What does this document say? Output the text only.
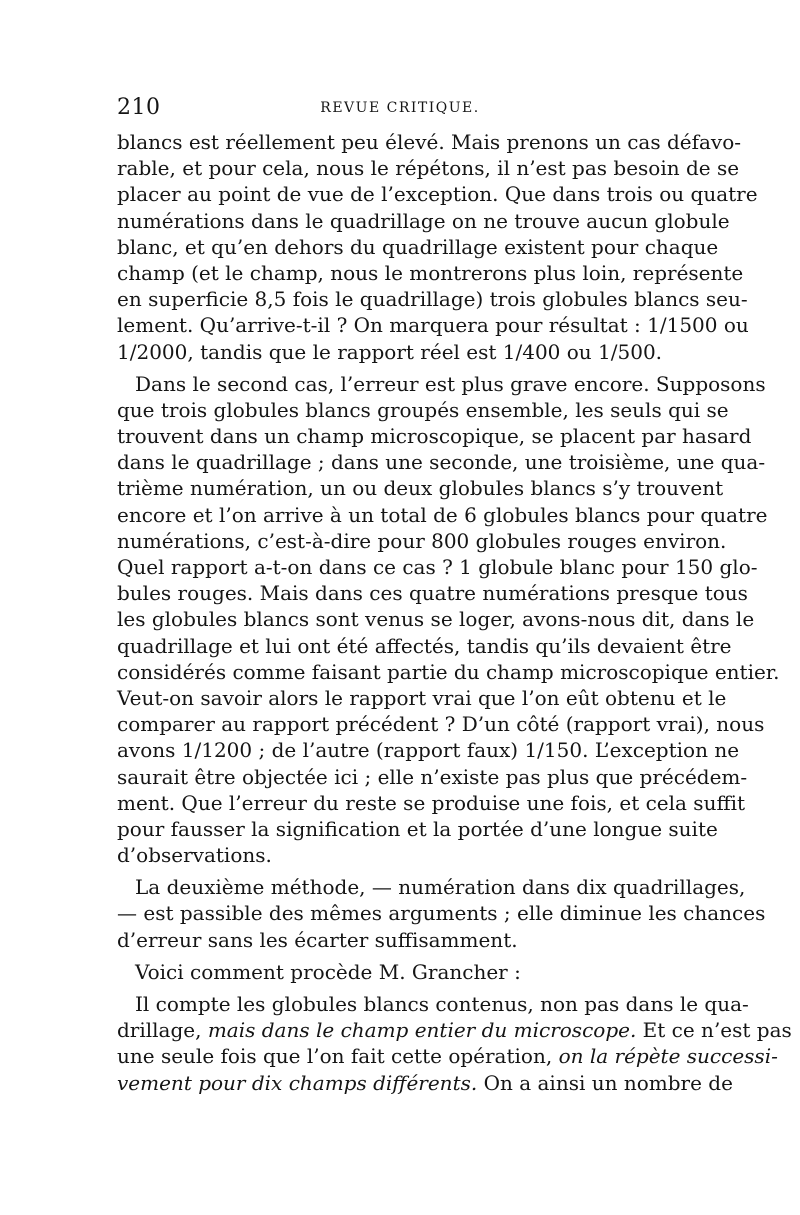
210	REVUE CRITIQUE.
blancs est réellement peu élevé. Mais prenons un cas défavo-
rable, et pour cela, nous le répétons, il n’est pas besoin de se
placer au point de vue de l’exception. Que dans trois ou quatre
numérations dans le quadrillage on ne trouve aucun globule
blanc, et qu’en dehors du quadrillage existent pour chaque
champ (et le champ, nous le montrerons plus loin, représente
en superficie 8,5 fois le quadrillage) trois globules blancs seu-
lement. Qu’arrive-t-il ? On marquera pour résultat : 1/1500 ou
1/2000, tandis que le rapport réel est 1/400 ou 1/500.
Dans le second cas, l’erreur est plus grave encore. Supposons
que trois globules blancs groupés ensemble, les seuls qui se
trouvent dans un champ microscopique, se placent par hasard
dans le quadrillage ; dans une seconde, une troisième, une qua-
trième numération, un ou deux globules blancs s’y trouvent
encore et l’on arrive à un total de 6 globules blancs pour quatre
numérations, c’est-à-dire pour 800 globules rouges environ.
Quel rapport a-t-on dans ce cas ? 1 globule blanc pour 150 glo-
bules rouges. Mais dans ces quatre numérations presque tous
les globules blancs sont venus se loger, avons-nous dit, dans le
quadrillage et lui ont été affectés, tandis qu’ils devaient être
considérés comme faisant partie du champ microscopique entier.
Veut-on savoir alors le rapport vrai que l’on eût obtenu et le
comparer au rapport précédent ? D’un côté (rapport vrai), nous
avons 1/1200 ; de l’autre (rapport faux) 1/150. L’exception ne
saurait être objectée ici ; elle n’existe pas plus que précédem-
ment. Que l’erreur du reste se produise une fois, et cela suffit
pour fausser la signification et la portée d’une longue suite
d’observations.
La deuxième méthode, — numération dans dix quadrillages,
— est passible des mêmes arguments ; elle diminue les chances
d’erreur sans les écarter suffisamment.
Voici comment procède M. Grancher :
Il compte les globules blancs contenus, non pas dans le qua-
drillage, mais dans le champ entier du microscope. Et ce n’est pas
une seule fois que l’on fait cette opération, on la répète successi-
vement pour dix champs différents. On a ainsi un nombre de
